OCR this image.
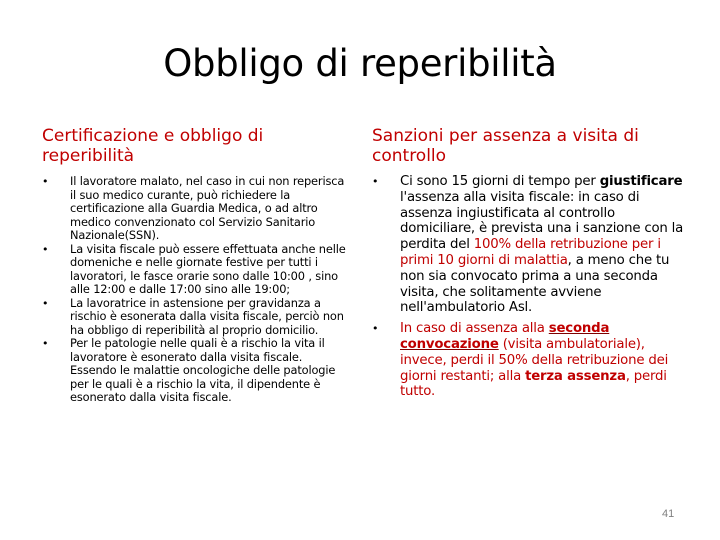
Obbligo di reperibilità
Certificazione e obbligo di reperibilità
Sanzioni per assenza a visita di controllo
• Il lavoratore malato, nel caso in cui non reperisca il suo medico curante, può richiedere la certificazione alla Guardia Medica, o ad altro medico convenzionato col Servizio Sanitario Nazionale(SSN).
• La visita fiscale può essere effettuata anche nelle domeniche e nelle giornate festive per tutti i lavoratori, le fasce orarie sono dalle 10:00 , sino alle 12:00 e dalle 17:00 sino alle 19:00;
• La lavoratrice in astensione per gravidanza a rischio è esonerata dalla visita fiscale, perciò non ha obbligo di reperibilità al proprio domicilio.
• Per le patologie nelle quali è a rischio la vita il lavoratore è esonerato dalla visita fiscale. Essendo le malattie oncologiche delle patologie per le quali è a rischio la vita, il dipendente è esonerato dalla visita fiscale.
• Ci sono 15 giorni di tempo per giustificare l'assenza alla visita fiscale: in caso di assenza ingiustificata al controllo domiciliare, è prevista una i sanzione con la perdita del 100% della retribuzione per i primi 10 giorni di malattia, a meno che tu non sia convocato prima a una seconda visita, che solitamente avviene nell'ambulatorio Asl.
• In caso di assenza alla seconda convocazione (visita ambulatoriale), invece, perdi il 50% della retribuzione dei giorni restanti; alla terza assenza, perdi tutto.
41
